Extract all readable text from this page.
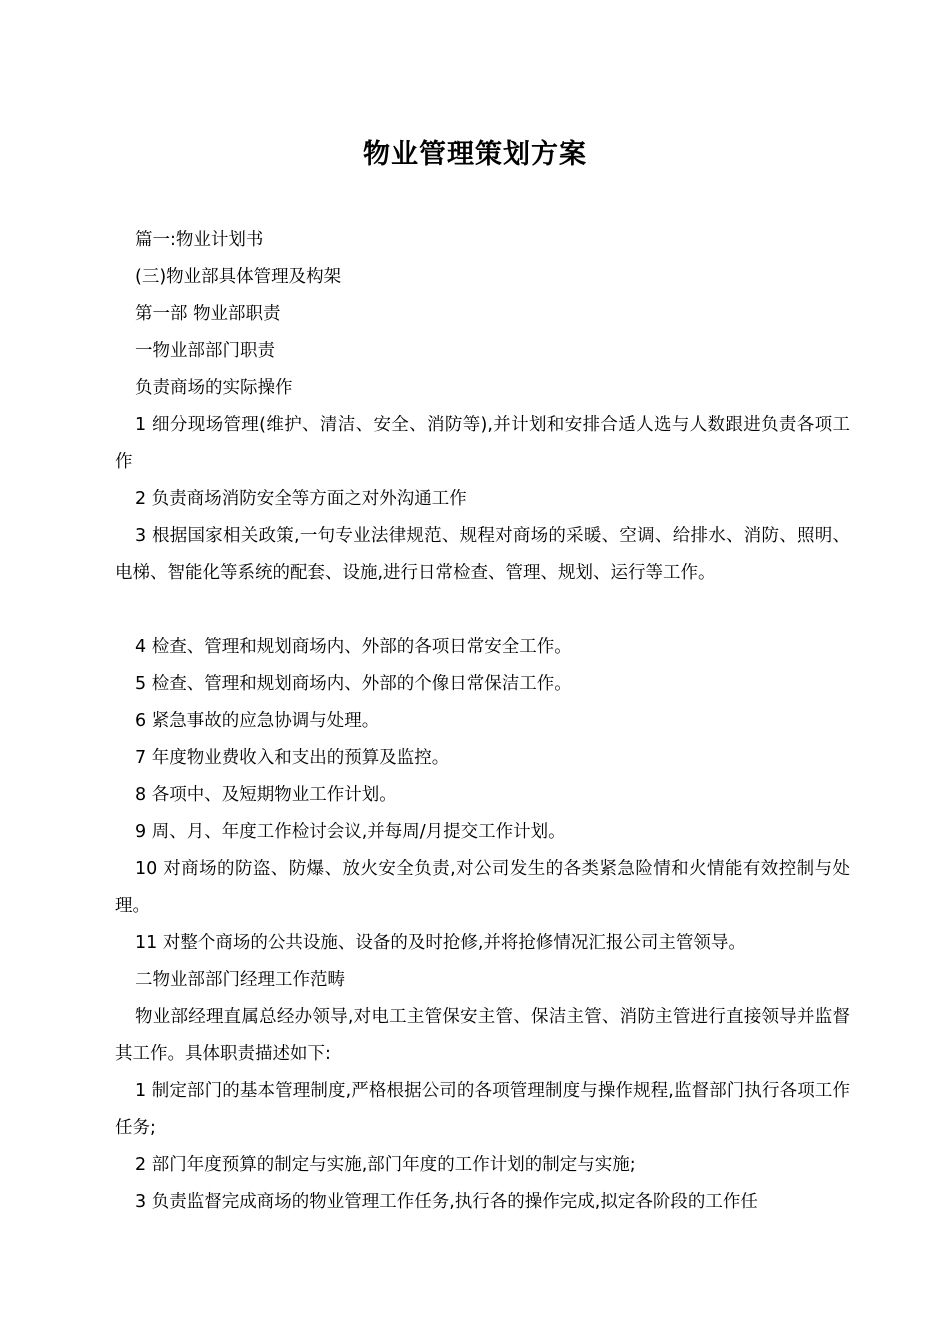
物业管理策划方案

篇一:物业计划书

(三)物业部具体管理及构架

第一部 物业部职责

一物业部部门职责

负责商场的实际操作

1 细分现场管理(维护、清洁、安全、消防等),并计划和安排合适人选与人数跟进负责各项工作

2 负责商场消防安全等方面之对外沟通工作

3 根据国家相关政策,一句专业法律规范、规程对商场的采暖、空调、给排水、消防、照明、电梯、智能化等系统的配套、设施,进行日常检查、管理、规划、运行等工作。

4 检查、管理和规划商场内、外部的各项日常安全工作。

5 检查、管理和规划商场内、外部的个像日常保洁工作。

6 紧急事故的应急协调与处理。

7 年度物业费收入和支出的预算及监控。

8 各项中、及短期物业工作计划。

9 周、月、年度工作检讨会议,并每周/月提交工作计划。

10 对商场的防盗、防爆、放火安全负责,对公司发生的各类紧急险情和火情能有效控制与处理。

11 对整个商场的公共设施、设备的及时抢修,并将抢修情况汇报公司主管领导。

二物业部部门经理工作范畴

物业部经理直属总经办领导,对电工主管保安主管、保洁主管、消防主管进行直接领导并监督其工作。具体职责描述如下:

1 制定部门的基本管理制度,严格根据公司的各项管理制度与操作规程,监督部门执行各项工作任务;

2 部门年度预算的制定与实施,部门年度的工作计划的制定与实施;

3 负责监督完成商场的物业管理工作任务,执行各的操作完成,拟定各阶段的工作任
